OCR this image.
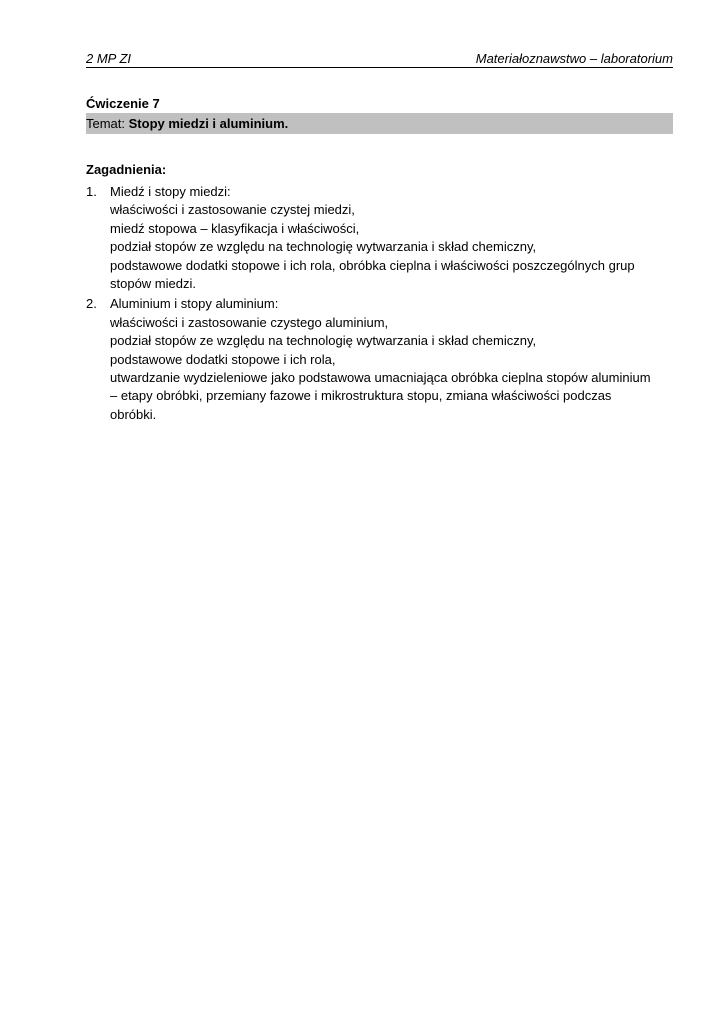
2 MP ZI	Materiałoznawstwo – laboratorium
Ćwiczenie 7
Temat: Stopy miedzi i aluminium.
Zagadnienia:
1. Miedź i stopy miedzi:
właściwości i zastosowanie czystej miedzi,
miedź stopowa – klasyfikacja i właściwości,
podział stopów ze względu na technologię wytwarzania i skład chemiczny,
podstawowe dodatki stopowe i ich rola, obróbka cieplna i właściwości poszczególnych grup
stopów miedzi.
2. Aluminium i stopy aluminium:
właściwości i zastosowanie czystego aluminium,
podział stopów ze względu na technologię wytwarzania i skład chemiczny,
podstawowe dodatki stopowe i ich rola,
utwardzanie wydzieleniowe jako podstawowa umacniająca obróbka cieplna stopów aluminium
– etapy obróbki, przemiany fazowe i mikrostruktura stopu, zmiana właściwości podczas
obróbki.
